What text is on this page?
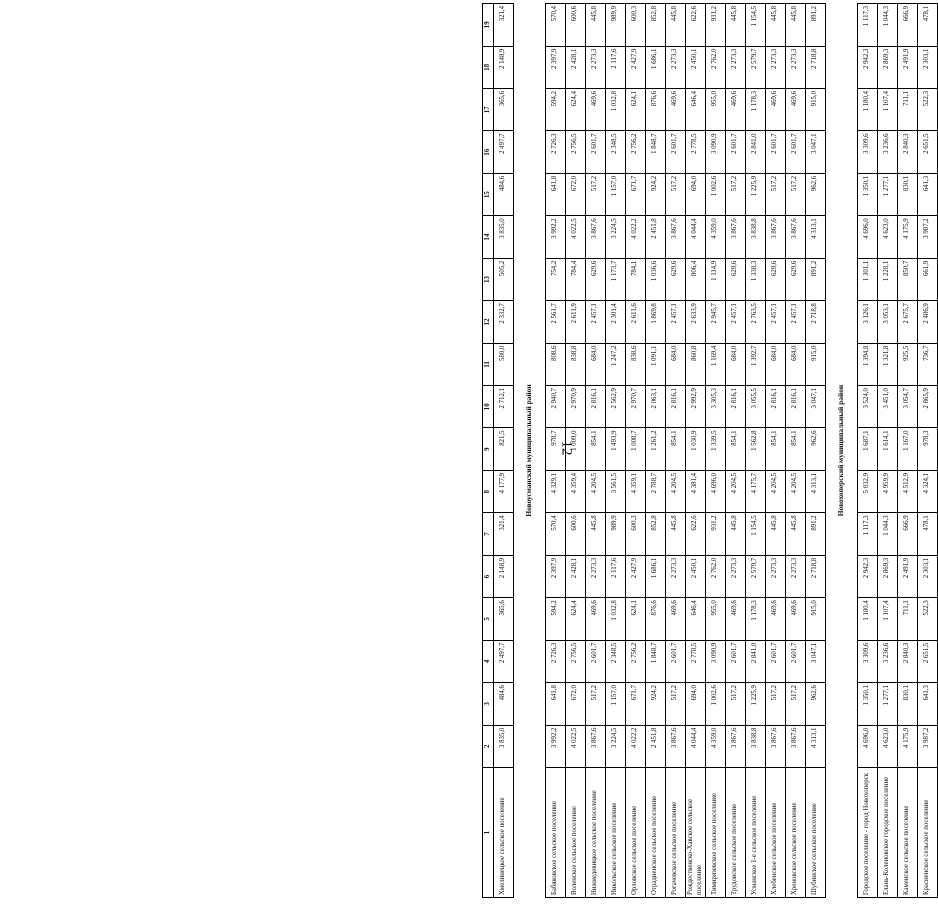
12
1	2	3	4	5	6	7	8	9	10	11	12	13	14	15	16	17	18	19
Хмелинецкое сельское поселение	3 835,0	484,6	2 497,7	365,6	2 148,9	321,4	4 177,9	821,5	2 712,1	580,0	2 332,7	505,2	3 835,0	484,6	2 497,7	365,6	2 148,9	321,4
Новоусманский муниципальный район																		
Бабяковское сельское поселение	3 992,2	641,8	2 726,3	594,2	2 397,9	570,4	4 329,1	978,7	2 940,7	808,6	2 561,7	754,2	3 992,2	641,8	2 726,3	594,2	2 397,9	570,4
Воленское сельское поселение	4 022,5	672,0	2 756,5	624,4	2 428,1	600,6	4 359,4	1 009,0	2 970,9	838,8	2 611,9	784,4	4 022,5	672,0	2 756,5	624,4	2 428,1	600,6
Нижнедевицкое сельское поселение	3 867,6	517,2	2 601,7	469,6	2 273,3	445,8	4 204,5	854,1	2 816,1	684,0	2 457,1	629,6	3 867,6	517,2	2 601,7	469,6	2 273,3	445,8
Никольское сельское поселение	3 224,5	1 157,0	2 348,5	1 032,8	2 117,6	989,9	3 561,5	1 493,9	2 562,9	1 247,2	2 301,4	1 173,7	3 224,5	1 157,0	2 348,5	1 032,8	2 117,6	989,9
Орловское сельское поселение	4 022,2	671,7	2 756,2	624,1	2 427,9	600,3	4 359,1	1 008,7	2 970,7	838,6	2 611,6	784,1	4 022,2	671,7	2 756,2	624,1	2 427,9	600,3
Отрадненское сельское поселение	2 451,8	924,2	1 848,7	876,6	1 686,1	852,8	2 788,7	1 261,2	2 063,1	1 091,1	1 869,8	1 036,6	2 451,8	924,2	1 848,7	876,6	1 686,1	852,8
Рогачевское сельское поселение	3 867,6	517,2	2 601,7	469,6	2 273,3	445,8	4 204,5	854,1	2 816,1	684,0	2 457,1	629,6	3 867,6	517,2	2 601,7	469,6	2 273,3	445,8
Рождественско-Хавское сельское поселение	4 044,4	694,0	2 778,5	646,4	2 450,1	622,6	4 381,4	1 030,9	2 992,9	860,8	2 633,9	806,4	4 044,4	694,0	2 778,5	646,4	2 450,1	622,6
Тимирязевское сельское поселение	4 359,0	1 002,6	3 090,9	955,0	2 762,0	931,2	4 696,0	1 339,5	3 305,3	1 169,4	2 945,7	1 114,9	4 359,0	1 002,6	3 090,9	955,0	2 762,0	931,2
Трудовское сельское поселение	3 867,6	517,2	2 601,7	469,6	2 273,3	445,8	4 204,5	854,1	2 816,1	684,0	2 457,1	629,6	3 867,6	517,2	2 601,7	469,6	2 273,3	445,8
Усманское 1-е сельское поселение	3 838,8	1 225,9	2 841,0	1 178,3	2 579,7	1 154,5	4 175,7	1 562,8	3 055,5	1 392,7	2 763,5	1 338,3	3 838,8	1 225,9	2 841,0	1 178,3	2 579,7	1 154,5
Хлебенское сельское поселение	3 867,6	517,2	2 601,7	469,6	2 273,3	445,8	4 204,5	854,1	2 816,1	684,0	2 457,1	629,6	3 867,6	517,2	2 601,7	469,6	2 273,3	445,8
Хреновское сельское поселение	3 867,6	517,2	2 601,7	469,6	2 273,3	445,8	4 204,5	854,1	2 816,1	684,0	2 457,1	629,6	3 867,6	517,2	2 601,7	469,6	2 273,3	445,8
Шубинское сельское поселение	4 313,1	962,6	3 047,1	915,0	2 718,8	891,2	4 313,1	962,6	3 047,1	915,0	2 718,8	891,2	4 313,1	962,6	3 047,1	915,0	2 718,8	891,2
Новохоперский муниципальный район																		
Городское поселение - город Новохоперск	4 696,0	1 350,1	3 309,6	1 180,4	2 942,3	1 117,3	5 032,9	1 687,1	3 524,0	1 394,8	3 126,1	1 301,1	4 696,0	1 350,1	3 309,6	1 180,4	2 942,3	1 117,3
Елань-Коленовское городское поселение	4 623,0	1 277,1	3 236,6	1 107,4	2 869,3	1 044,3	4 959,9	1 614,1	3 451,0	1 321,8	3 053,1	1 228,1	4 623,0	1 277,1	3 236,6	1 107,4	2 869,3	1 044,3
Каменское сельское поселение	4 175,9	830,1	2 840,3	711,1	2 491,9	666,9	4 512,9	1 167,0	3 054,7	925,5	2 675,7	850,7	4 175,9	830,1	2 840,3	711,1	2 491,9	666,9
Красненское сельское поселение	3 987,2	641,3	2 651,5	522,3	2 303,1	478,1	4 324,1	978,3	2 865,9	736,7	2 486,9	661,9	3 987,2	641,3	2 651,5	522,3	2 303,1	478,1
